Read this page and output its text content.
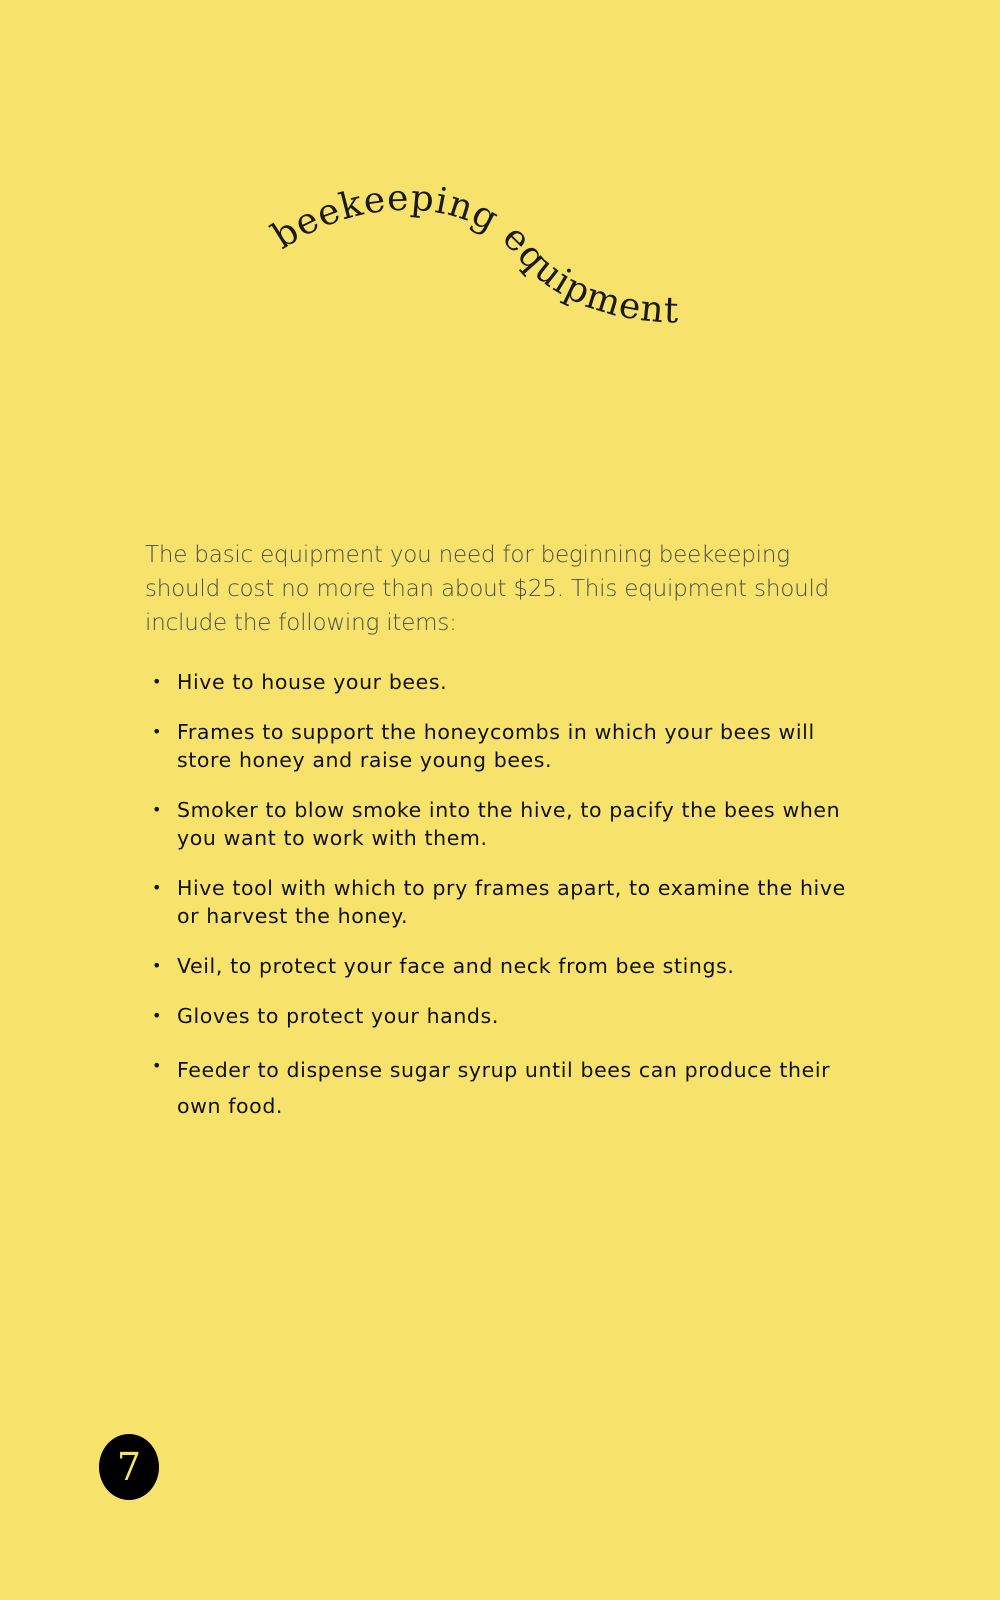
beekeeping equipment

The basic equipment you need for beginning beekeeping should cost no more than about $25. This equipment should include the following items:

• Hive to house your bees.
• Frames to support the honeycombs in which your bees will store honey and raise young bees.
• Smoker to blow smoke into the hive, to pacify the bees when you want to work with them.
• Hive tool with which to pry frames apart, to examine the hive or harvest the honey.
• Veil, to protect your face and neck from bee stings.
• Gloves to protect your hands.
• Feeder to dispense sugar syrup until bees can produce their own food.
7
